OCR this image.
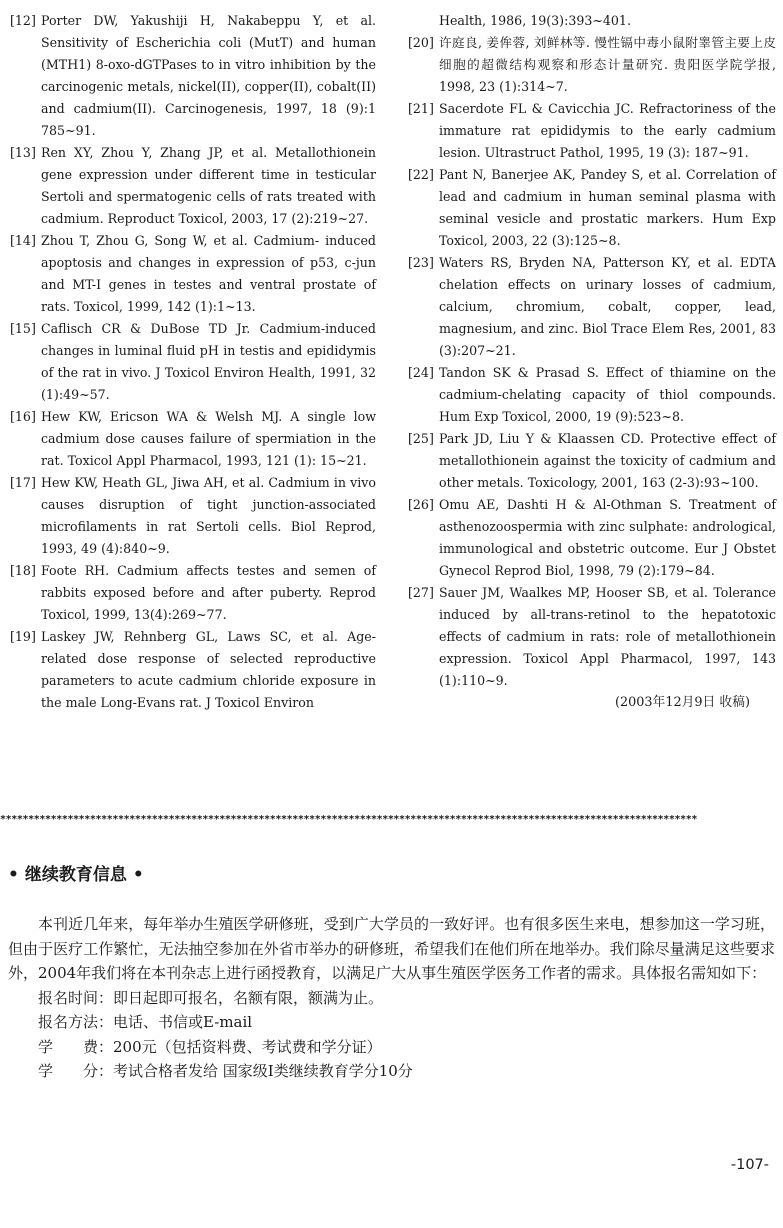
[12] Porter DW, Yakushiji H, Nakabeppu Y, et al. Sensitivity of Escherichia coli (MutT) and human (MTH1) 8-oxo-dGTPases to in vitro inhibition by the carcinogenic metals, nickel(II), copper(II), cobalt(II) and cadmium(II). Carcinogenesis, 1997, 18 (9):1 785~91.
[13] Ren XY, Zhou Y, Zhang JP, et al. Metallothionein gene expression under different time in testicular Sertoli and spermatogenic cells of rats treated with cadmium. Reproduct Toxicol, 2003, 17 (2):219~27.
[14] Zhou T, Zhou G, Song W, et al. Cadmium- induced apoptosis and changes in expression of p53, c-jun and MT-I genes in testes and ventral prostate of rats. Toxicol, 1999, 142 (1):1~13.
[15] Caflisch CR & DuBose TD Jr. Cadmium-induced changes in luminal fluid pH in testis and epididymis of the rat in vivo. J Toxicol Environ Health, 1991, 32 (1):49~57.
[16] Hew KW, Ericson WA & Welsh MJ. A single low cadmium dose causes failure of spermiation in the rat. Toxicol Appl Pharmacol, 1993, 121 (1): 15~21.
[17] Hew KW, Heath GL, Jiwa AH, et al. Cadmium in vivo causes disruption of tight junction-associated microfilaments in rat Sertoli cells. Biol Reprod, 1993, 49 (4):840~9.
[18] Foote RH. Cadmium affects testes and semen of rabbits exposed before and after puberty. Reprod Toxicol, 1999, 13(4):269~77.
[19] Laskey JW, Rehnberg GL, Laws SC, et al. Age-related dose response of selected reproductive parameters to acute cadmium chloride exposure in the male Long-Evans rat. J Toxicol Environ
Health, 1986, 19(3):393~401.
[20] 许庭良, 姜侔蓉, 刘鲜林等. 慢性镉中毒小鼠附睾管主要上皮细胞的超微结构观察和形态计量研究. 贵阳医学院学报, 1998, 23 (1):314~7.
[21] Sacerdote FL & Cavicchia JC. Refractoriness of the immature rat epididymis to the early cadmium lesion. Ultrastruct Pathol, 1995, 19 (3): 187~91.
[22] Pant N, Banerjee AK, Pandey S, et al. Correlation of lead and cadmium in human seminal plasma with seminal vesicle and prostatic markers. Hum Exp Toxicol, 2003, 22 (3):125~8.
[23] Waters RS, Bryden NA, Patterson KY, et al. EDTA chelation effects on urinary losses of cadmium, calcium, chromium, cobalt, copper, lead, magnesium, and zinc. Biol Trace Elem Res, 2001, 83 (3):207~21.
[24] Tandon SK & Prasad S. Effect of thiamine on the cadmium-chelating capacity of thiol compounds. Hum Exp Toxicol, 2000, 19 (9):523~8.
[25] Park JD, Liu Y & Klaassen CD. Protective effect of metallothionein against the toxicity of cadmium and other metals. Toxicology, 2001, 163 (2-3):93~100.
[26] Omu AE, Dashti H & Al-Othman S. Treatment of asthenozoospermia with zinc sulphate: andrological, immunological and obstetric outcome. Eur J Obstet Gynecol Reprod Biol, 1998, 79 (2):179~84.
[27] Sauer JM, Waalkes MP, Hooser SB, et al. Tolerance induced by all-trans-retinol to the hepatotoxic effects of cadmium in rats: role of metallothionein expression. Toxicol Appl Pharmacol, 1997, 143 (1):110~9.
(2003年12月9日 收稿)
****************************************************************************************************************************
• 继续教育信息 •

本刊近几年来，每年举办生殖医学研修班，受到广大学员的一致好评。也有很多医生来电，想参加这一学习班，但由于医疗工作繁忙，无法抽空参加在外省市举办的研修班，希望我们在他们所在地举办。我们除尽量满足这些要求外，2004年我们将在本刊杂志上进行函授教育，以满足广大从事生殖医学医务工作者的需求。具体报名需知如下：

报名时间：即日起即可报名，名额有限，额满为止。
报名方法：电话、书信或E-mail
学　　费：200元（包括资料费、考试费和学分证）
学　　分：考试合格者发给 国家级Ⅰ类继续教育学分10分
-107-
